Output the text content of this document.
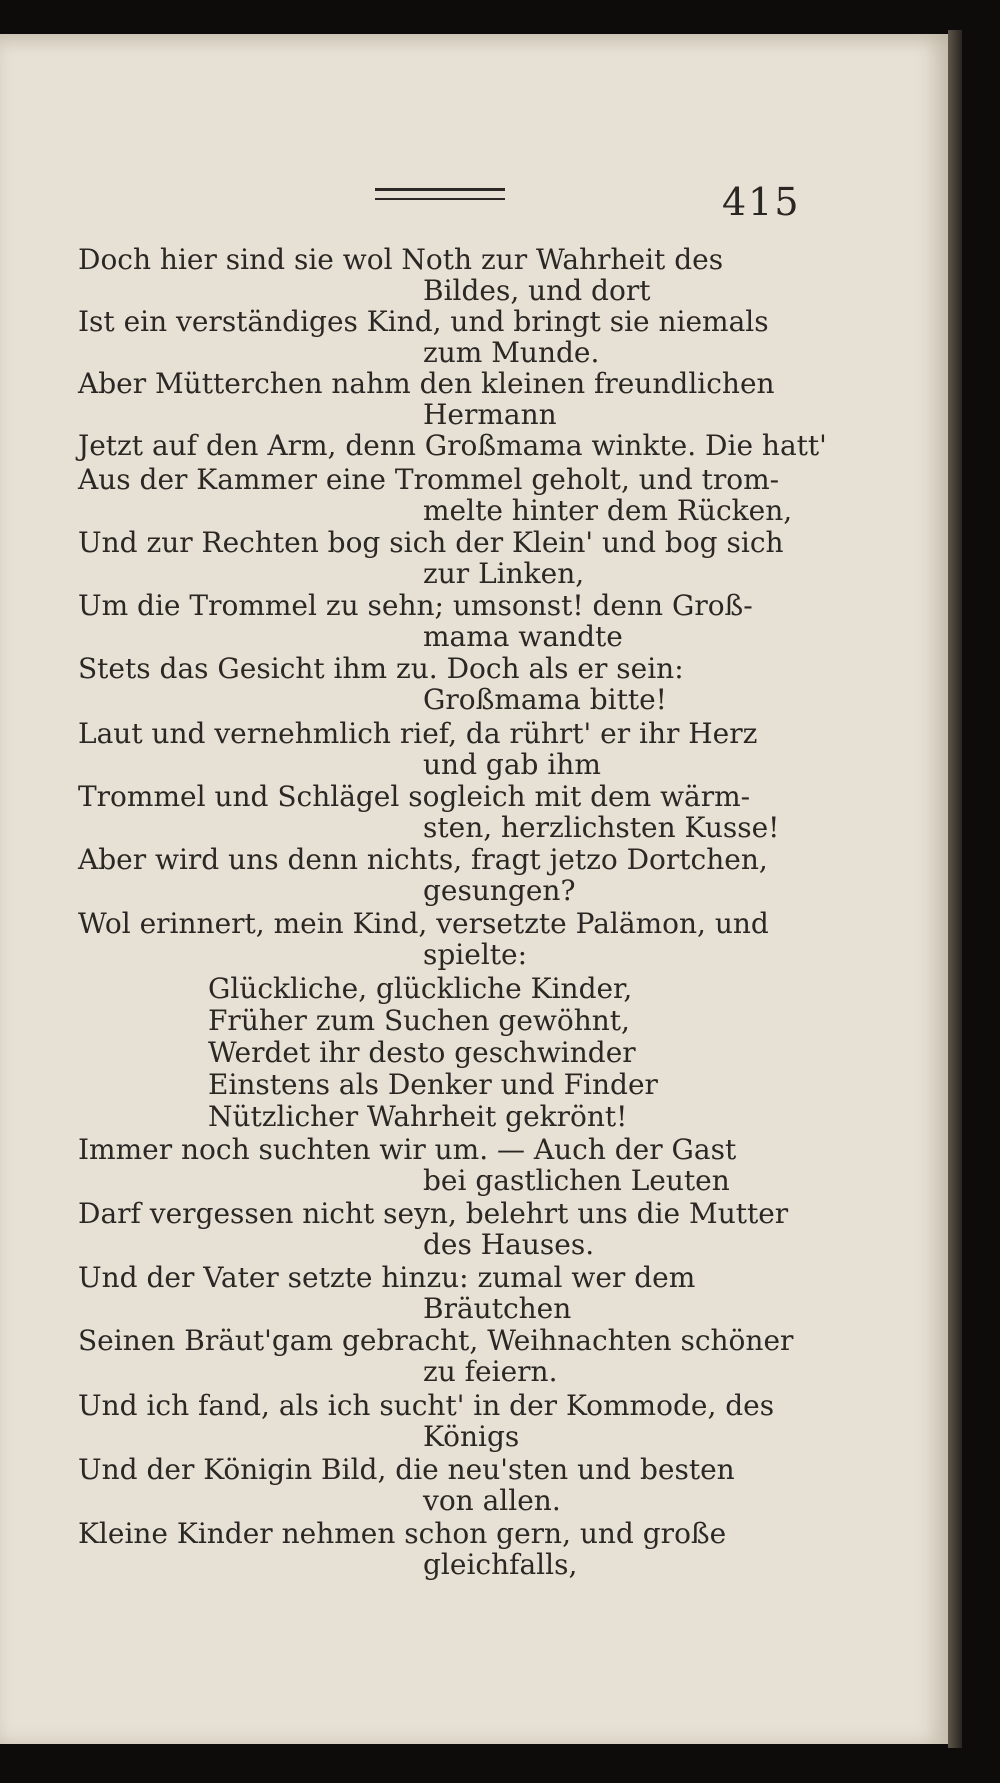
415
Doch hier sind sie wol Noth zur Wahrheit des
Bildes, und dort
Ist ein verständiges Kind, und bringt sie niemals
zum Munde.
Aber Mütterchen nahm den kleinen freundlichen
Hermann
Jetzt auf den Arm, denn Großmama winkte. Die hatt'
Aus der Kammer eine Trommel geholt, und trom-
melte hinter dem Rücken,
Und zur Rechten bog sich der Klein' und bog sich
zur Linken,
Um die Trommel zu sehn; umsonst! denn Groß-
mama wandte
Stets das Gesicht ihm zu. Doch als er sein:
Großmama bitte!
Laut und vernehmlich rief, da rührt' er ihr Herz
und gab ihm
Trommel und Schlägel sogleich mit dem wärm-
sten, herzlichsten Kusse!
Aber wird uns denn nichts, fragt jetzo Dortchen,
gesungen?
Wol erinnert, mein Kind, versetzte Palämon, und
spielte:
Glückliche, glückliche Kinder,
Früher zum Suchen gewöhnt,
Werdet ihr desto geschwinder
Einstens als Denker und Finder
Nützlicher Wahrheit gekrönt!
Immer noch suchten wir um. — Auch der Gast
bei gastlichen Leuten
Darf vergessen nicht seyn, belehrt uns die Mutter
des Hauses.
Und der Vater setzte hinzu: zumal wer dem
Bräutchen
Seinen Bräut'gam gebracht, Weihnachten schöner
zu feiern.
Und ich fand, als ich sucht' in der Kommode, des
Königs
Und der Königin Bild, die neu'sten und besten
von allen.
Kleine Kinder nehmen schon gern, und große
gleichfalls,
